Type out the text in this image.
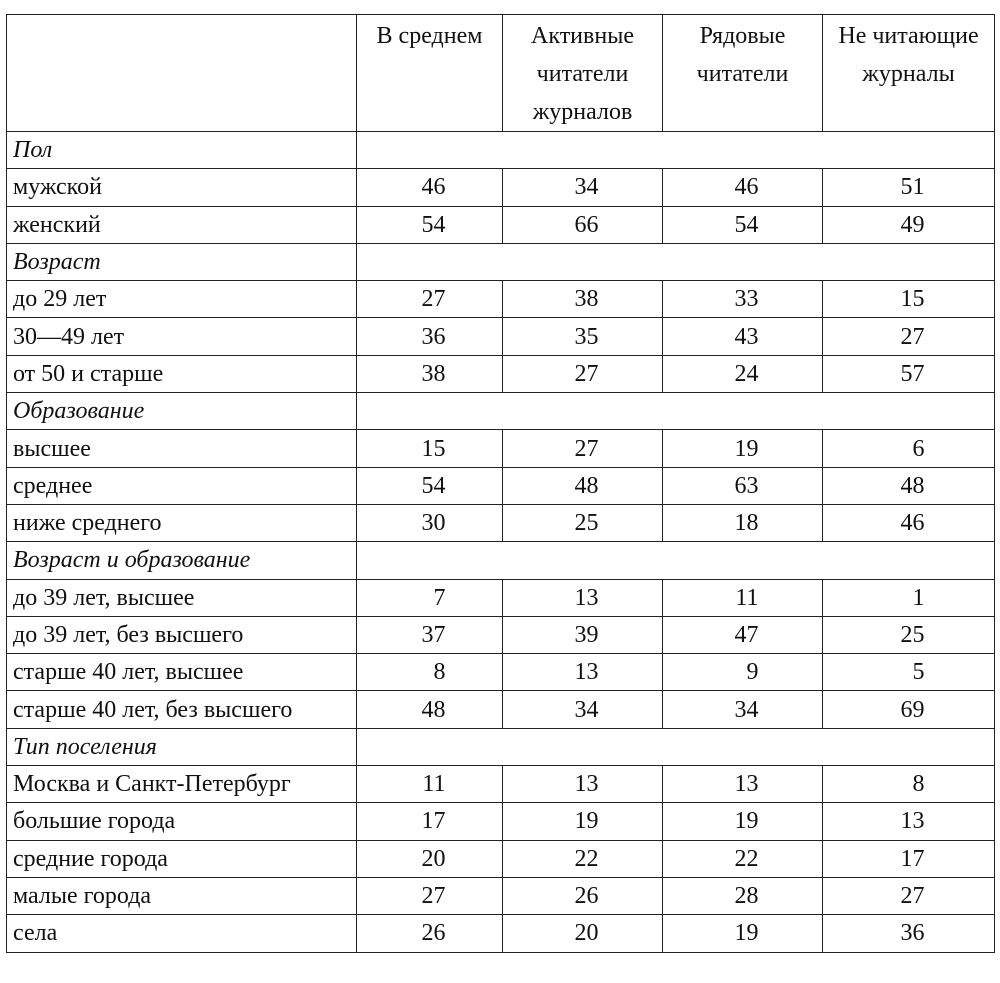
	В среднем	Активные читатели журналов	Рядовые читатели	Не читающие журналы
Пол				
мужской	46	34	46	51
женский	54	66	54	49
Возраст				
до 29 лет	27	38	33	15
30—49 лет	36	35	43	27
от 50 и старше	38	27	24	57
Образование				
высшее	15	27	19	6
среднее	54	48	63	48
ниже среднего	30	25	18	46
Возраст и образование				
до 39 лет, высшее	7	13	11	1
до 39 лет, без высшего	37	39	47	25
старше 40 лет, высшее	8	13	9	5
старше 40 лет, без высшего	48	34	34	69
Тип поселения				
Москва и Санкт-Петербург	11	13	13	8
большие города	17	19	19	13
средние города	20	22	22	17
малые города	27	26	28	27
села	26	20	19	36
